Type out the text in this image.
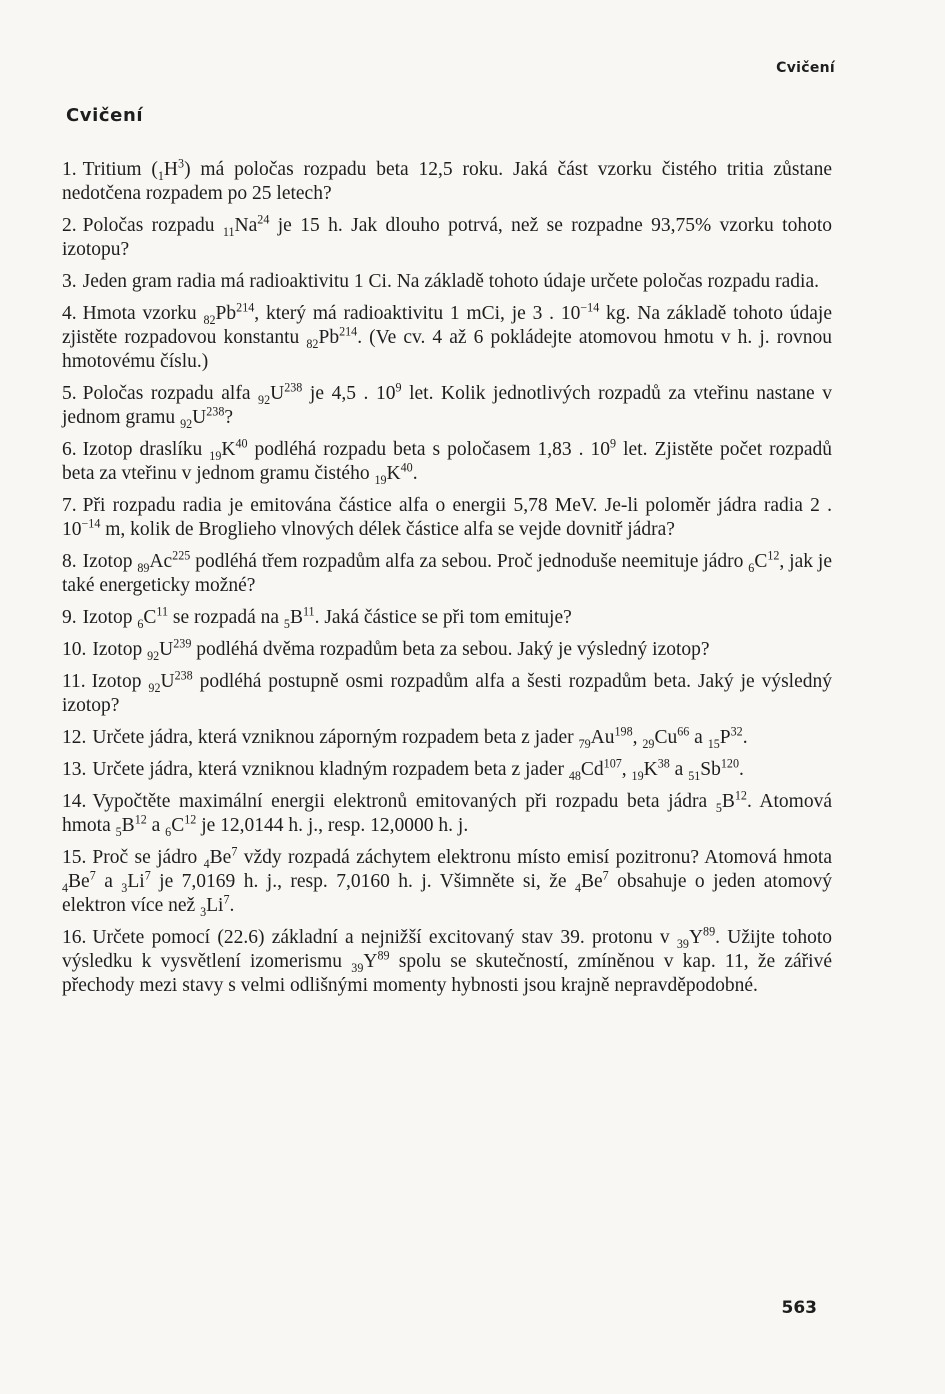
Cvičení
Cvičení

1. Tritium $(_1H^3)$ má poločas rozpadu beta 12,5 roku. Jaká část vzorku čistého tritia zůstane nedotčena rozpadem po 25 letech?

2. Poločas rozpadu $_{11}Na^{24}$ je 15 h. Jak dlouho potrvá, než se rozpadne 93,75% vzorku tohoto izotopu?

3. Jeden gram radia má radioaktivitu 1 Ci. Na základě tohoto údaje určete poločas rozpadu radia.

4. Hmota vzorku $_{82}Pb^{214}$, který má radioaktivitu 1 mCi, je 3 . $10^{-14}$ kg. Na základě tohoto údaje zjistěte rozpadovou konstantu $_{82}Pb^{214}$. (Ve cv. 4 až 6 pokládejte atomovou hmotu v h. j. rovnou hmotovému číslu.)

5. Poločas rozpadu alfa $_{92}U^{238}$ je 4,5 . $10^9$ let. Kolik jednotlivých rozpadů za vteřinu nastane v jednom gramu $_{92}U^{238}$?

6. Izotop draslíku $_{19}K^{40}$ podléhá rozpadu beta s poločasem 1,83 . $10^9$ let. Zjistěte počet rozpadů beta za vteřinu v jednom gramu čistého $_{19}K^{40}$.

7. Při rozpadu radia je emitována částice alfa o energii 5,78 MeV. Je-li poloměr jádra radia 2 . $10^{-14}$ m, kolik de Broglieho vlnových délek částice alfa se vejde dovnitř jádra?

8. Izotop $_{89}Ac^{225}$ podléhá třem rozpadům alfa za sebou. Proč jednoduše neemituje jádro $_6C^{12}$, jak je také energeticky možné?

9. Izotop $_6C^{11}$ se rozpadá na $_5B^{11}$. Jaká částice se při tom emituje?

10. Izotop $_{92}U^{239}$ podléhá dvěma rozpadům beta za sebou. Jaký je výsledný izotop?

11. Izotop $_{92}U^{238}$ podléhá postupně osmi rozpadům alfa a šesti rozpadům beta. Jaký je výsledný izotop?

12. Určete jádra, která vzniknou záporným rozpadem beta z jader $_{79}Au^{198}$, $_{29}Cu^{66}$ a $_{15}P^{32}$.

13. Určete jádra, která vzniknou kladným rozpadem beta z jader $_{48}Cd^{107}$, $_{19}K^{38}$ a $_{51}Sb^{120}$.

14. Vypočtěte maximální energii elektronů emitovaných při rozpadu beta jádra $_5B^{12}$. Atomová hmota $_5B^{12}$ a $_6C^{12}$ je 12,0144 h. j., resp. 12,0000 h. j.

15. Proč se jádro $_4Be^7$ vždy rozpadá záchytem elektronu místo emisí pozitronu? Atomová hmota $_4Be^7$ a $_3Li^7$ je 7,0169 h. j., resp. 7,0160 h. j. Všimněte si, že $_4Be^7$ obsahuje o jeden atomový elektron více než $_3Li^7$.

16. Určete pomocí (22.6) základní a nejnižší excitovaný stav 39. protonu v $_{39}Y^{89}$. Užijte tohoto výsledku k vysvětlení izomerismu $_{39}Y^{89}$ spolu se skutečností, zmíněnou v kap. 11, že zářivé přechody mezi stavy s velmi odlišnými momenty hybnosti jsou krajně nepravděpodobné.

563
